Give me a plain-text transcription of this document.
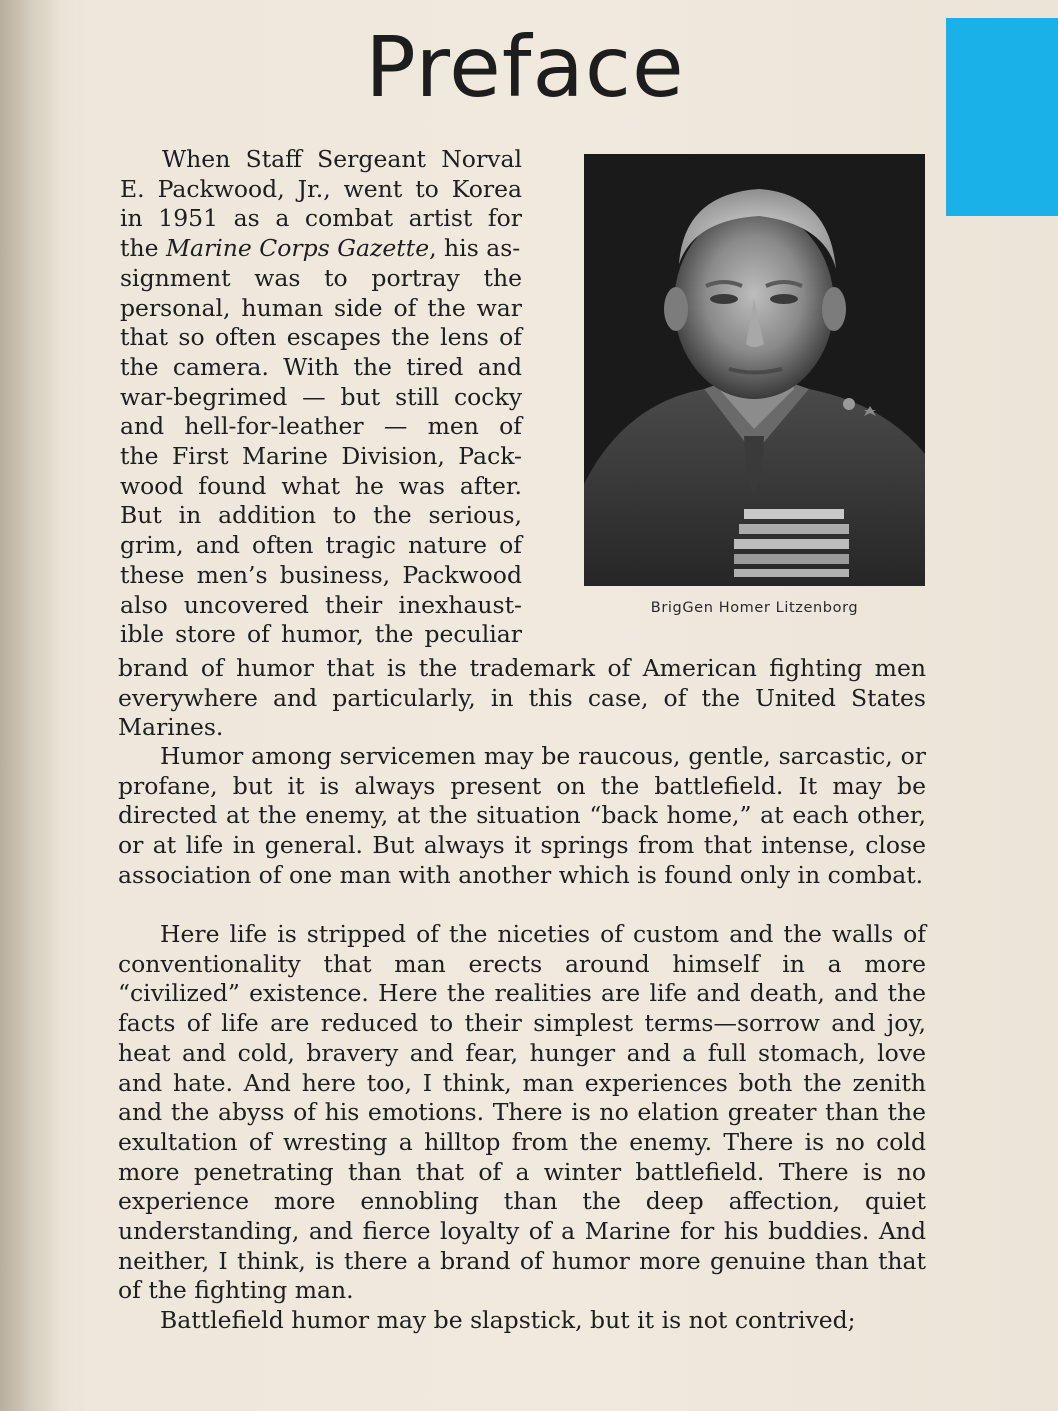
Preface
When Staff Sergeant Norval
E. Packwood, Jr., went to Korea
in 1951 as a combat artist for
the Marine Corps Gazette, his as-
signment was to portray the
personal, human side of the war
that so often escapes the lens of
the camera. With the tired and
war-begrimed — but still cocky
and hell-for-leather — men of
the First Marine Division, Pack-
wood found what he was after.
But in addition to the serious,
grim, and often tragic nature of
these men’s business, Packwood
also uncovered their inexhaust-
ible store of humor, the peculiar
BrigGen Homer Litzenborg

brand of humor that is the trademark of American fighting men everywhere and particularly, in this case, of the United States Marines.

Humor among servicemen may be raucous, gentle, sarcastic, or profane, but it is always present on the battlefield. It may be directed at the enemy, at the situation “back home,” at each other, or at life in general. But always it springs from that intense, close association of one man with another which is found only in combat.

Here life is stripped of the niceties of custom and the walls of conventionality that man erects around himself in a more “civilized” existence. Here the realities are life and death, and the facts of life are reduced to their simplest terms—sorrow and joy, heat and cold, bravery and fear, hunger and a full stomach, love and hate. And here too, I think, man experiences both the zenith and the abyss of his emotions. There is no elation greater than the exultation of wresting a hilltop from the enemy. There is no cold more penetrating than that of a winter battlefield. There is no experience more ennobling than the deep affection, quiet understanding, and fierce loyalty of a Marine for his buddies. And neither, I think, is there a brand of humor more genuine than that of the fighting man.

Battlefield humor may be slapstick, but it is not contrived;
